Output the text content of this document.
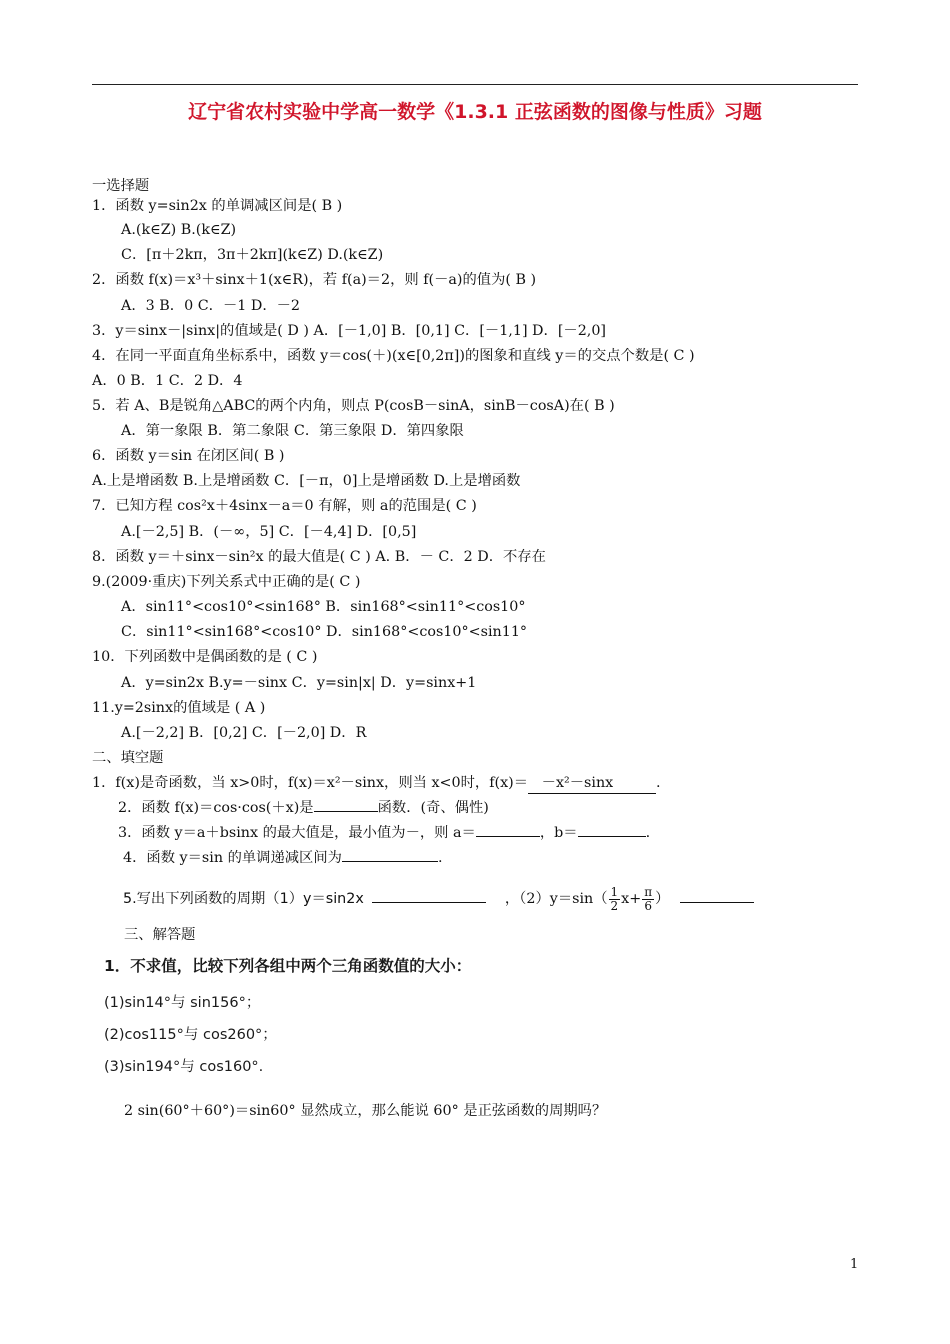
辽宁省农村实验中学高一数学《1.3.1 正弦函数的图像与性质》习题
一选择题
1．函数 y=sin2x 的单调减区间是( B )
A.(k∈Z) B.(k∈Z)
C．[π＋2kπ，3π＋2kπ](k∈Z) D.(k∈Z)
2．函数 f(x)＝x³＋sinx＋1(x∈R)，若 f(a)＝2，则 f(－a)的值为( B )
A．3 B．0 C．－1 D．－2
3．y＝sinx－|sinx|的值域是( D ) A．[－1,0] B．[0,1] C．[－1,1] D．[－2,0]
4．在同一平面直角坐标系中，函数 y＝cos(＋)(x∈[0,2π])的图象和直线 y＝的交点个数是( C )
A．0 B．1 C．2 D．4
5．若 A、B是锐角△ABC的两个内角，则点 P(cosB－sinA，sinB－cosA)在( B )
A．第一象限 B．第二象限 C．第三象限 D．第四象限
6．函数 y＝sin 在闭区间( B )
A.上是增函数 B.上是增函数 C．[－π，0]上是增函数 D.上是增函数
7．已知方程 cos²x＋4sinx－a＝0 有解，则 a的范围是( C )
A.[－2,5] B．(－∞，5] C．[－4,4] D．[0,5]
8．函数 y＝＋sinx－sin²x 的最大值是( C ) A. B．－ C．2 D．不存在
9.(2009·重庆)下列关系式中正确的是( C )
A．sin11°<cos10°<sin168° B．sin168°<sin11°<cos10°
C．sin11°<sin168°<cos10° D．sin168°<cos10°<sin11°
10．下列函数中是偶函数的是 ( C )
A．y=sin2x B.y=－sinx C．y=sin|x| D．y=sinx+1
11.y=2sinx的值域是 ( A )
A.[－2,2] B．[0,2] C．[－2,0] D．R
二、填空题
1．f(x)是奇函数，当 x>0时，f(x)＝x²－sinx，则当 x<0时，f(x)＝ －x²－sinx	.
2．函数 f(x)＝cos·cos(＋x)是	函数．(奇、偶性)
3．函数 y＝a＋bsinx 的最大值是，最小值为－，则 a＝	，b＝	.
4．函数 y＝sin 的单调递减区间为	.
5.写出下列函数的周期（1）y＝sin2x	，$(2)y=\sin( \frac{1}{2} x+ \frac{\pi}{6}$ ）
三、解答题
1．不求值，比较下列各组中两个三角函数值的大小：
(1)sin14°与 sin156°；
(2)cos115°与 cos260°；
(3)sin194°与 cos160°.
2 sin(60°＋60°)＝sin60° 显然成立，那么能说 60° 是正弦函数的周期吗？
1
